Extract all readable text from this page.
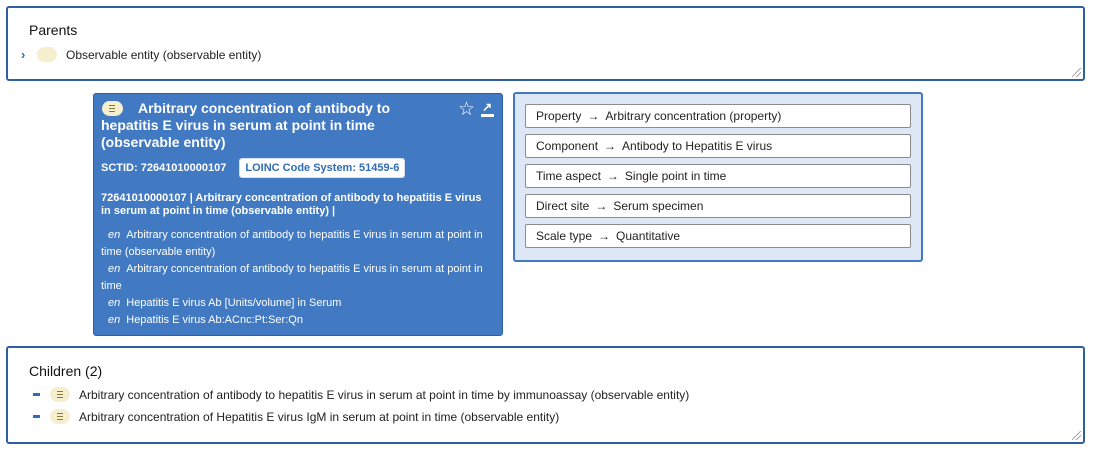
Parents
›	Observable entity (observable entity)
Arbitrary concentration of antibody to hepatitis E virus in serum at point in time (observable entity)
☆
↗
SCTID: 72641010000107	LOINC Code System: 51459-6
72641010000107 | Arbitrary concentration of antibody to hepatitis E virus in serum at point in time (observable entity) |
en Arbitrary concentration of antibody to hepatitis E virus in serum at point in time (observable entity)
en Arbitrary concentration of antibody to hepatitis E virus in serum at point in time
en Hepatitis E virus Ab [Units/volume] in Serum
en Hepatitis E virus Ab:ACnc:Pt:Ser:Qn
Property → Arbitrary concentration (property)
Component → Antibody to Hepatitis E virus
Time aspect → Single point in time
Direct site → Serum specimen
Scale type → Quantitative
Children (2)
Arbitrary concentration of antibody to hepatitis E virus in serum at point in time by immunoassay (observable entity)
Arbitrary concentration of Hepatitis E virus IgM in serum at point in time (observable entity)
